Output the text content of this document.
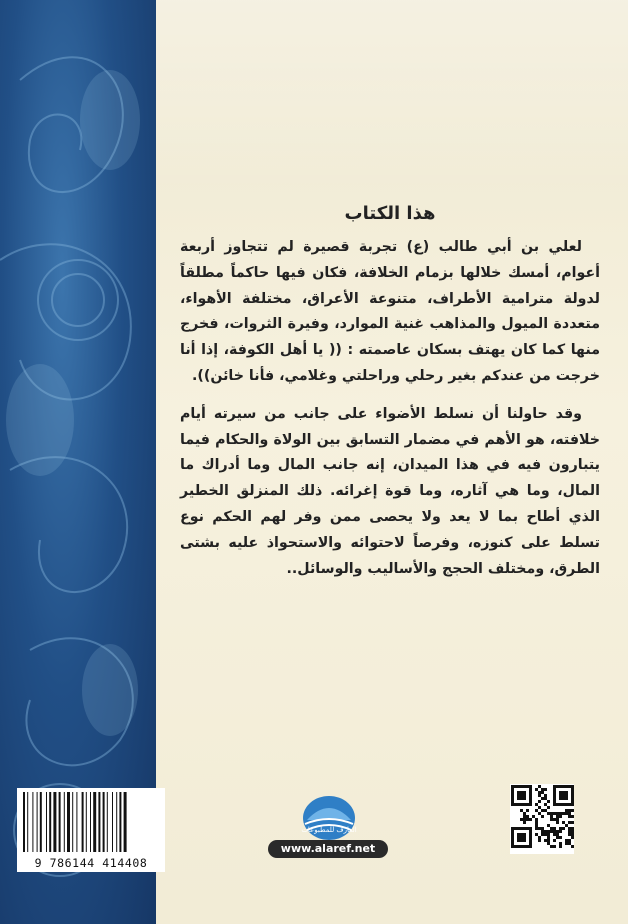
هذا الكتاب

لعلي بن أبي طالب (ع) تجربة قصيرة لم تتجاوز أربعة أعوام، أمسك خلالها بزمام الخلافة، فكان فيها حاكماً مطلقاً لدولة مترامية الأطراف، متنوعة الأعراق، مختلفة الأهواء، متعددة الميول والمذاهب غنية الموارد، وفيرة الثروات، فخرج منها كما كان يهتف بسكان عاصمته : (( يا أهل الكوفة، إذا أنا خرجت من عندكم بغير رحلي وراحلتي وغلامي، فأنا خائن)).

وقد حاولنا أن نسلط الأضواء على جانب من سيرته أيام خلافته، هو الأهم في مضمار التسابق بين الولاة والحكام فيما يتبارون فيه في هذا الميدان، إنه جانب المال وما أدراك ما المال، وما هي آثاره، وما قوة إغرائه. ذلك المنزلق الخطير الذي أطاح بما لا يعد ولا يحصى ممن وفر لهم الحكم نوع تسلط على كنوزه، وفرصاً لاحتوائه والاستحواذ عليه بشتى الطرق، ومختلف الحجج والأساليب والوسائل..

9 786144 414408
العارف للمطبوعات
www.alaref.net
